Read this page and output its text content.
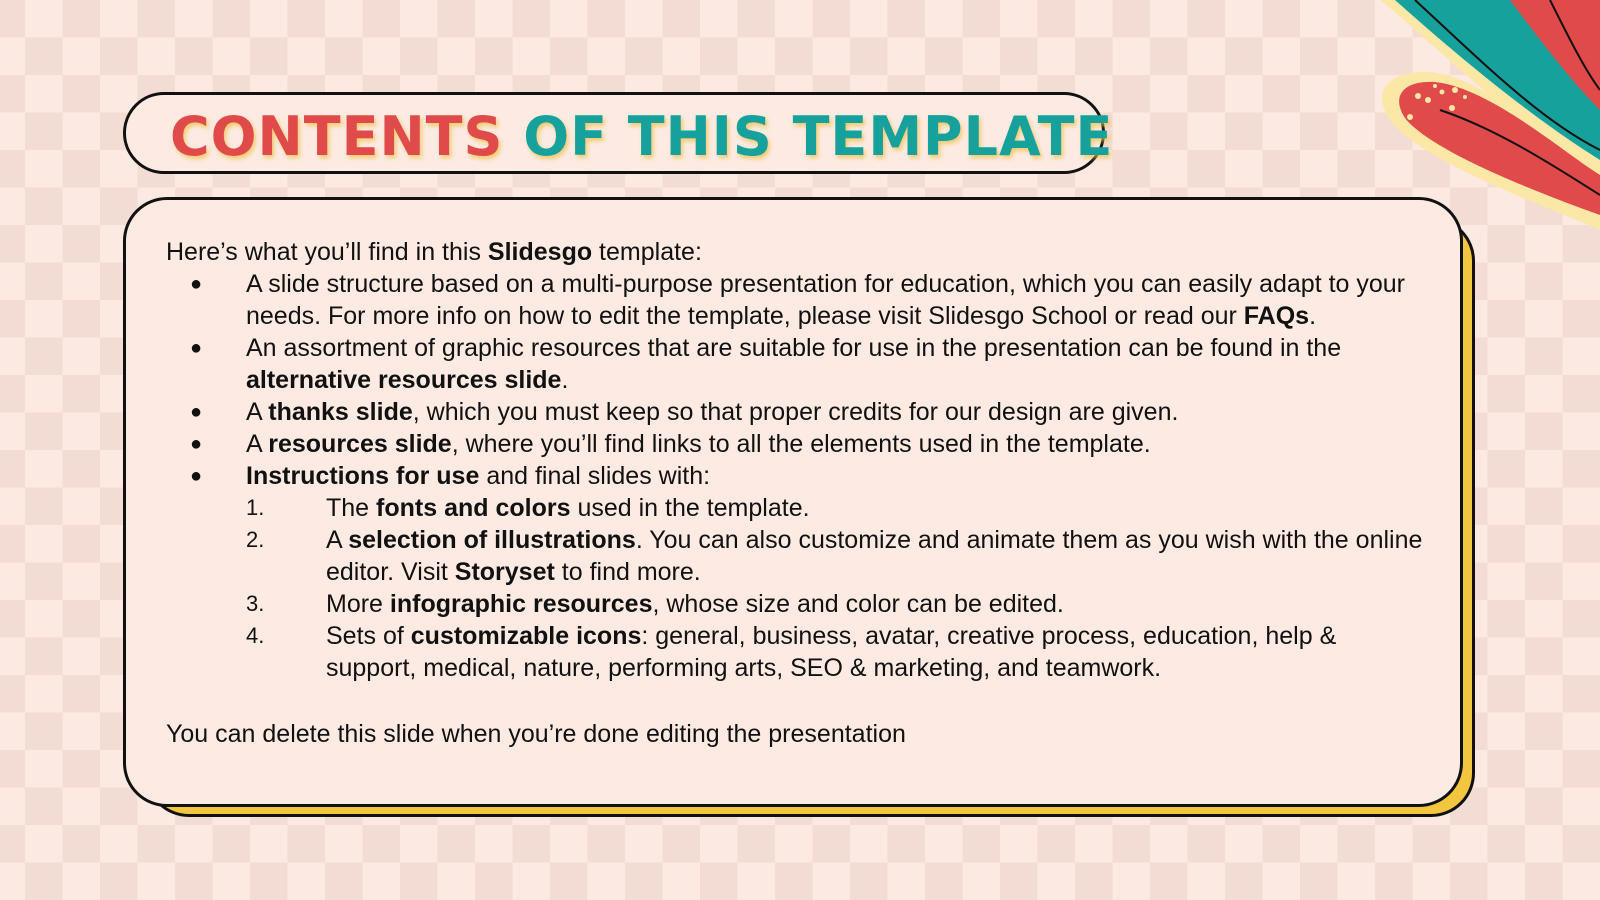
CONTENTS OF THIS TEMPLATE
Here’s what you’ll find in this Slidesgo template:
● A slide structure based on a multi-purpose presentation for education, which you can easily adapt to your needs. For more info on how to edit the template, please visit Slidesgo School or read our FAQs.
● An assortment of graphic resources that are suitable for use in the presentation can be found in the alternative resources slide.
● A thanks slide, which you must keep so that proper credits for our design are given.
● A resources slide, where you’ll find links to all the elements used in the template.
● Instructions for use and final slides with:
1.	The fonts and colors used in the template.
2.	A selection of illustrations. You can also customize and animate them as you wish with the online editor. Visit Storyset to find more.
3.	More infographic resources, whose size and color can be edited.
4.	Sets of customizable icons: general, business, avatar, creative process, education, help & support, medical, nature, performing arts, SEO & marketing, and teamwork.
You can delete this slide when you’re done editing the presentation
